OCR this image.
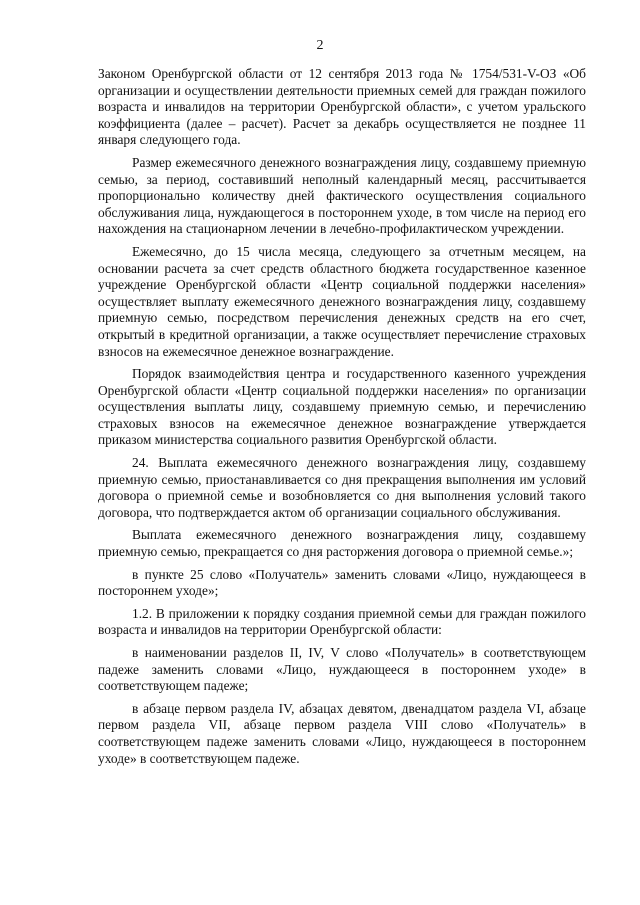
2

Законом Оренбургской области от 12 сентября 2013 года № 1754/531-V-ОЗ «Об организации и осуществлении деятельности приемных семей для граждан пожилого возраста и инвалидов на территории Оренбургской области», с учетом уральского коэффициента (далее – расчет). Расчет за декабрь осуществляется не позднее 11 января следующего года.

Размер ежемесячного денежного вознаграждения лицу, создавшему приемную семью, за период, составивший неполный календарный месяц, рассчитывается пропорционально количеству дней фактического осуществления социального обслуживания лица, нуждающегося в постороннем уходе, в том числе на период его нахождения на стационарном лечении в лечебно-профилактическом учреждении.

Ежемесячно, до 15 числа месяца, следующего за отчетным месяцем, на основании расчета за счет средств областного бюджета государственное казенное учреждение Оренбургской области «Центр социальной поддержки населения» осуществляет выплату ежемесячного денежного вознаграждения лицу, создавшему приемную семью, посредством перечисления денежных средств на его счет, открытый в кредитной организации, а также осуществляет перечисление страховых взносов на ежемесячное денежное вознаграждение.

Порядок взаимодействия центра и государственного казенного учреждения Оренбургской области «Центр социальной поддержки населения» по организации осуществления выплаты лицу, создавшему приемную семью, и перечислению страховых взносов на ежемесячное денежное вознаграждение утверждается приказом министерства социального развития Оренбургской области.

24. Выплата ежемесячного денежного вознаграждения лицу, создавшему приемную семью, приостанавливается со дня прекращения выполнения им условий договора о приемной семье и возобновляется со дня выполнения условий такого договора, что подтверждается актом об организации социального обслуживания.

Выплата ежемесячного денежного вознаграждения лицу, создавшему приемную семью, прекращается со дня расторжения договора о приемной семье.»;

в пункте 25 слово «Получатель» заменить словами «Лицо, нуждающееся в постороннем уходе»;

1.2. В приложении к порядку создания приемной семьи для граждан пожилого возраста и инвалидов на территории Оренбургской области:

в наименовании разделов II, IV, V слово «Получатель» в соответствующем падеже заменить словами «Лицо, нуждающееся в постороннем уходе» в соответствующем падеже;

в абзаце первом раздела IV, абзацах девятом, двенадцатом раздела VI, абзаце первом раздела VII, абзаце первом раздела VIII слово «Получатель» в соответствующем падеже заменить словами «Лицо, нуждающееся в постороннем уходе» в соответствующем падеже.
